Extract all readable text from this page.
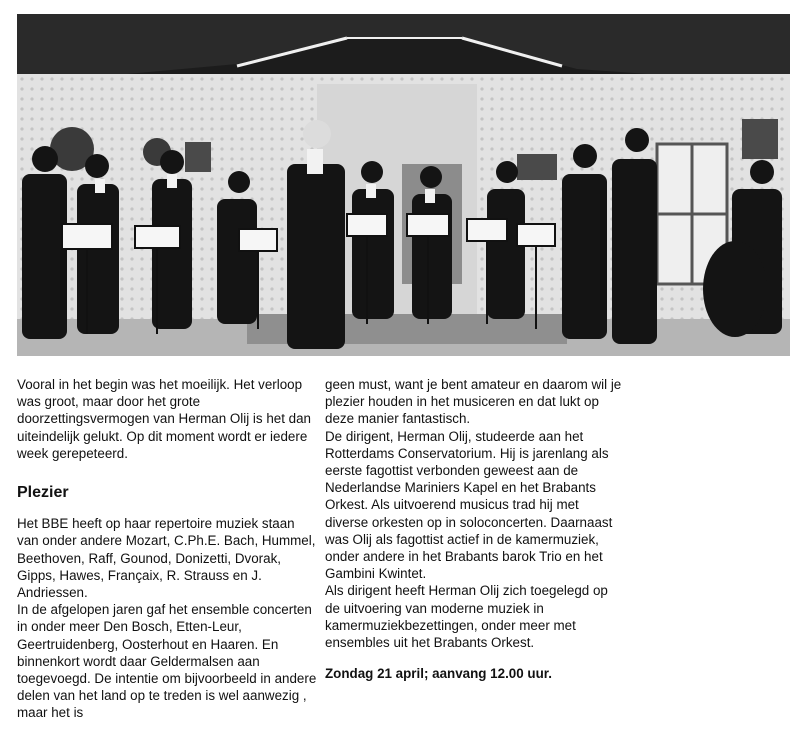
Vooral in het begin was het moeilijk. Het verloop was groot, maar door het grote doorzettingsvermogen van Herman Olij is het dan uiteindelijk gelukt. Op dit moment wordt er iedere week gerepeteerd.

Plezier

Het BBE heeft op haar repertoire muziek staan van onder andere Mozart, C.Ph.E. Bach, Hummel, Beethoven, Raff, Gounod, Donizetti, Dvorak, Gipps, Hawes, Françaix, R. Strauss en J. Andriessen.

In de afgelopen jaren gaf het ensemble concerten in onder meer Den Bosch, Etten-Leur, Geertruidenberg, Oosterhout en Haaren. En binnenkort wordt daar Geldermalsen aan toegevoegd. De intentie om bijvoorbeeld in andere delen van het land op te treden is wel aanwezig , maar het is

geen must, want je bent amateur en daarom wil je plezier houden in het musiceren en dat lukt op deze manier fantastisch.

De dirigent, Herman Olij, studeerde aan het Rotterdams Conservatorium. Hij is jarenlang als eerste fagottist verbonden geweest aan de Nederlandse Mariniers Kapel en het Brabants Orkest. Als uitvoerend musicus trad hij met diverse orkesten op in soloconcerten. Daarnaast was Olij als fagottist actief in de kamermuziek, onder andere in het Brabants barok Trio en het Gambini Kwintet.

Als dirigent heeft Herman Olij zich toegelegd op de uitvoering van moderne muziek in kamermuziekbezettingen, onder meer met ensembles uit het Brabants Orkest.

Zondag 21 april; aanvang 12.00 uur.
